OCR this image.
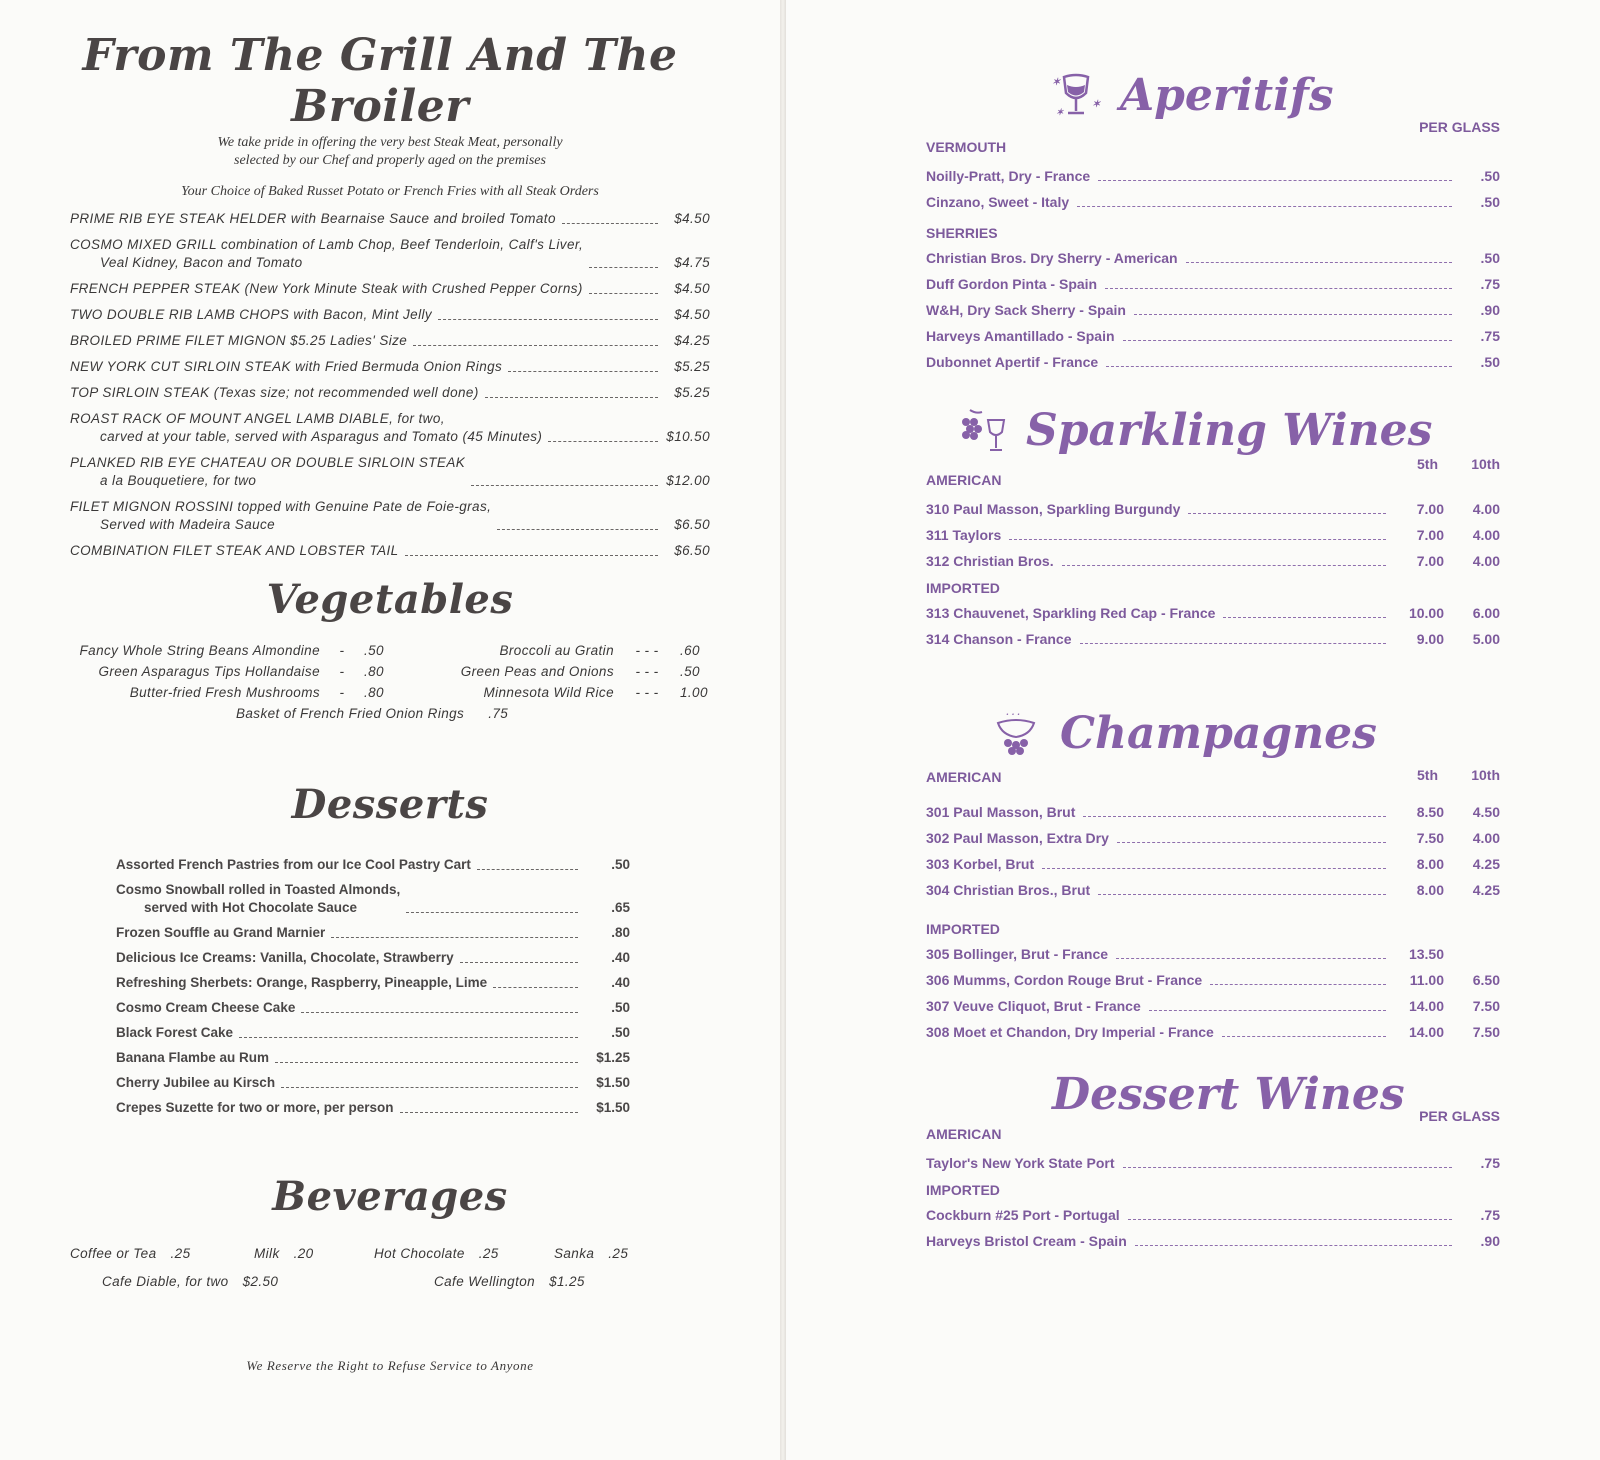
From The Grill And The Broiler
We take pride in offering the very best Steak Meat, personally
selected by our Chef and properly aged on the premises
Your Choice of Baked Russet Potato or French Fries with all Steak Orders
PRIME RIB EYE STEAK HELDER with Bearnaise Sauce and broiled Tomato	$4.50
COSMO MIXED GRILL combination of Lamb Chop, Beef Tenderloin, Calf's Liver,
Veal Kidney, Bacon and Tomato	$4.75
FRENCH PEPPER STEAK (New York Minute Steak with Crushed Pepper Corns)	$4.50
TWO DOUBLE RIB LAMB CHOPS with Bacon, Mint Jelly	$4.50
BROILED PRIME FILET MIGNON $5.25 Ladies' Size	$4.25
NEW YORK CUT SIRLOIN STEAK with Fried Bermuda Onion Rings	$5.25
TOP SIRLOIN STEAK (Texas size; not recommended well done)	$5.25
ROAST RACK OF MOUNT ANGEL LAMB DIABLE, for two,
carved at your table, served with Asparagus and Tomato (45 Minutes)	$10.50
PLANKED RIB EYE CHATEAU OR DOUBLE SIRLOIN STEAK
a la Bouquetiere, for two	$12.00
FILET MIGNON ROSSINI topped with Genuine Pate de Foie-gras,
Served with Madeira Sauce	$6.50
COMBINATION FILET STEAK AND LOBSTER TAIL	$6.50
Vegetables
Fancy Whole String Beans Almondine	-	.50	Broccoli au Gratin	- - -	.60
Green Asparagus Tips Hollandaise	-	.80	Green Peas and Onions	- - -	.50
Butter-fried Fresh Mushrooms	-	.80	Minnesota Wild Rice	- - -	1.00
Basket of French Fried Onion Rings .75
Desserts
Assorted French Pastries from our Ice Cool Pastry Cart	.50
Cosmo Snowball rolled in Toasted Almonds,
served with Hot Chocolate Sauce	.65
Frozen Souffle au Grand Marnier	.80
Delicious Ice Creams: Vanilla, Chocolate, Strawberry	.40
Refreshing Sherbets: Orange, Raspberry, Pineapple, Lime	.40
Cosmo Cream Cheese Cake	.50
Black Forest Cake	.50
Banana Flambe au Rum	$1.25
Cherry Jubilee au Kirsch	$1.50
Crepes Suzette for two or more, per person	$1.50
Beverages
Coffee or Tea .25	Milk .20	Hot Chocolate .25	Sanka .25
Cafe Diable, for two $2.50	Cafe Wellington $1.25
We Reserve the Right to Refuse Service to Anyone
✶
✶
✶ Aperitifs
VERMOUTH
PER GLASS
Noilly-Pratt, Dry - France	.50
Cinzano, Sweet - Italy	.50
SHERRIES
Christian Bros. Dry Sherry - American	.50
Duff Gordon Pinta - Spain	.75
W&H, Dry Sack Sherry - Spain	.90
Harveys Amantillado - Spain	.75
Dubonnet Apertif - France	.50
Sparkling Wines
AMERICAN
5th 10th
310 Paul Masson, Sparkling Burgundy	7.00	4.00
311 Taylors	7.00	4.00
312 Christian Bros.	7.00	4.00
IMPORTED
313 Chauvenet, Sparkling Red Cap - France	10.00	6.00
314 Chanson - France	9.00	5.00
· · · Champagnes
AMERICAN	5th 10th
301 Paul Masson, Brut	8.50	4.50
302 Paul Masson, Extra Dry	7.50	4.00
303 Korbel, Brut	8.00	4.25
304 Christian Bros., Brut	8.00	4.25
IMPORTED
305 Bollinger, Brut - France	13.50
306 Mumms, Cordon Rouge Brut - France	11.00	6.50
307 Veuve Cliquot, Brut - France	14.00	7.50
308 Moet et Chandon, Dry Imperial - France	14.00	7.50
Dessert Wines
AMERICAN
PER GLASS
Taylor's New York State Port	.75
IMPORTED
Cockburn #25 Port - Portugal	.75
Harveys Bristol Cream - Spain	.90
